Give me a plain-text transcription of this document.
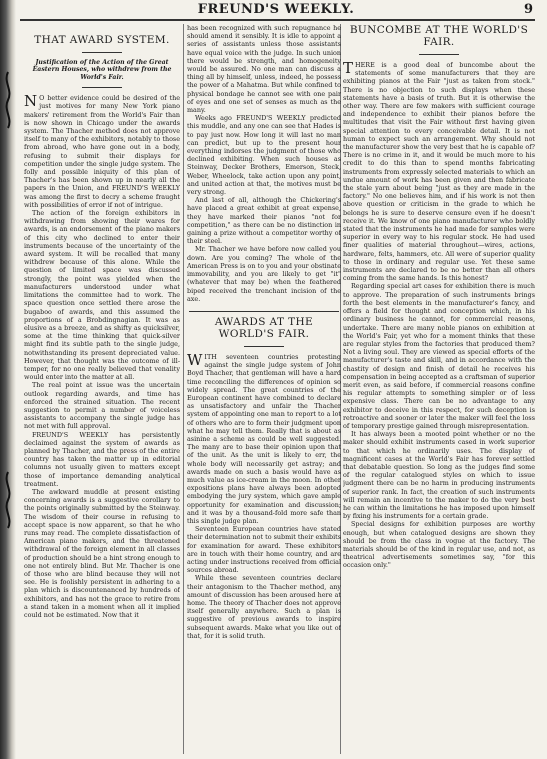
FREUND'S WEEKLY.	9
THAT AWARD SYSTEM.
Justification of the Action of the Great Eastern Houses, who withdrew from the World's Fair.

N O better evidence could be desired of the just motives for many New York piano makers' retirement from the World's Fair than is now shown in Chicago under the awards system. The Thacher method does not approve itself to many of the exhibitors, notably to those from abroad, who have gone out in a body, refusing to submit their displays for competition under the single judge system. The folly and possible iniquity of this plan of Thacher's has been shown up in nearly all the papers in the Union, and FREUND'S WEEKLY was among the first to decry a scheme fraught with possibilities of error if not of intrigue.

The action of the foreign exhibitors in withdrawing from showing their wares for awards, is an endorsement of the piano makers of this city who declined to enter their instruments because of the uncertainty of the award system. It will be recalled that many withdrew because of this alone. While the question of limited space was discussed strongly, the point was yielded when the manufacturers understood under what limitations the committee had to work. The space question once settled there arose the bugaboo of awards, and this assumed the proportions of a Brobdingnagian. It was as elusive as a breeze, and as shifty as quicksilver, some at the time thinking that quick-silver might find its subtle path to the single judge, notwithstanding its present depreciated value. However, that thought was the outcome of ill-temper, for no one really believed that venality would enter into the matter at all.

The real point at issue was the uncertain outlook regarding awards, and time has enforced the strained situation. The recent suggestion to permit a number of voiceless assistants to accompany the single judge has not met with full approval.

FREUND'S WEEKLY has persistently declaimed against the system of awards as planned by Thacher, and the press of the entire country has taken the matter up in editorial columns not usually given to matters except those of importance demanding analytical treatment.

The awkward muddle at present existing concerning awards is a suggestive corollary to the points originally submitted by the Steinway. The wisdom of their course in refusing to accept space is now apparent, so that he who runs may read. The complete dissatisfaction of American piano makers, and the threatened withdrawal of the foreign element in all classes of production should be a hint strong enough to one not entirely blind. But Mr. Thacher is one of those who are blind because they will not see. He is foolishly persistent in adhering to a plan which is discountenanced by hundreds of exhibitors, and has not the grace to retire from a stand taken in a moment when all it implied could not be estimated. Now that it

has been recognized with such repugnance he should amend it sensibly. It is idle to appoint a series of assistants unless those assistants have equal voice with the judge. In such union there would be strength, and homogeneity would be assured. No one man can discuss a thing all by himself, unless, indeed, he possess the power of a Mahatma. But while confined to physical bondage he cannot see with one pair of eyes and one set of senses as much as the many.

Weeks ago FREUND'S WEEKLY predicted this muddle, and any one can see that Hades is to pay just now. How long it will last no man can predict, but up to the present hour everything indorses the judgment of those who declined exhibiting. When such houses as Steinway, Decker Brothers, Emerson, Steck, Weber, Wheelock, take action upon any point, and united action at that, the motives must be very strong.

And last of all, although the Chickering's have placed a great exhibit at great expense, they have marked their pianos "not for competition," as there can be no distinction in gaining a prize without a competitor worthy of their steel.

Mr. Thacher we have before now called you down. Are you coming? The whole of the American Press is on to you and your obstinate immovability, and you are likely to get "it" (whatever that may be) when the feathered biped received the trenchant incision of the axe.

AWARDS AT THE WORLD'S FAIR.

WITH seventeen countries protesting against the single judge system of John Boyd Thacher, that gentleman will have a hard time reconciling the differences of opinion so widely spread. The great countries of the European continent have combined to declare as unsatisfactory and unfair the Thacher system of appointing one man to report to a lot of others who are to form their judgment upon what he may tell them. Really that is about as asinine a scheme as could be well suggested. The many are to base their opinion upon that of the unit. As the unit is likely to err, the whole body will necessarily get astray; and awards made on such a basis would have as much value as ice-cream in the moon. In other expositions plans have always been adopted embodying the jury system, which gave ample opportunity for examination and discussion; and it was by a thousand-fold more safe than this single judge plan.

Seventeen European countries have stated their determination not to submit their exhibits for examination for award. These exhibitors are in touch with their home country, and are acting under instructions received from official sources abroad.

While these seventeen countries declare their antagonism to the Thacher method, any amount of discussion has been aroused here at home. The theory of Thacher does not approve itself generally anywhere. Such a plan is suggestive of previous awards to inspire subsequent awards. Make what you like out of that, for it is solid truth.

BUNCOMBE AT THE WORLD'S FAIR.

THERE is a good deal of buncombe about the statements of some manufacturers that they are exhibiting pianos at the Fair "just as taken from stock." There is no objection to such displays when these statements have a basis of truth. But it is otherwise the other way. There are few makers with sufficient courage and independence to exhibit their pianos before the multitudes that visit the Fair without first having given special attention to every conceivable detail. It is not human to expect such an arrangement. Why should not the manufacturer show the very best that he is capable of? There is no crime in it, and it would be much more to his credit to do this than to spend months fabricating instruments from expressly selected materials to which an undue amount of work has been given and then fabricate the stale yarn about being "just as they are made in the factory." No one believes him, and if his work is not then above question or criticism in the grade to which he belongs he is sure to deserve censure even if he doesn't receive it. We know of one piano manufacturer who boldly stated that the instruments he had made for samples were superior in every way to his regular stock. He had used finer qualities of material throughout—wires, actions, hardware, felts, hammers, etc. All were of superior quality to those in ordinary and regular use. Yet these same instruments are declared to be no better than all others coming from the same hands. Is this honest?

Regarding special art cases for exhibition there is much to approve. The preparation of such instruments brings forth the best elements in the manufacturer's fancy, and offers a field for thought and conception which, in his ordinary business he cannot, for commercial reasons, undertake. There are many noble pianos on exhibition at the World's Fair, yet who for a moment thinks that these are regular styles from the factories that produced them? Not a living soul. They are viewed as special efforts of the manufacturer's taste and skill, and in accordance with the chastity of design and finish of detail he receives his compensation in being accepted as a craftsman of superior merit even, as said before, if commercial reasons confine his regular attempts to something simpler or of less expensive class. There can be no advantage to any exhibitor to deceive in this respect, for such deception is retroactive and sooner or later the maker will feel the loss of temporary prestige gained through misrepresentation.

It has always been a mooted point whether or no the maker should exhibit instruments cased in work superior to that which he ordinarily uses. The display of magnificent cases at the World's Fair has forever settled that debatable question. So long as the judges find some of the regular catalogued styles on which to issue judgment there can be no harm in producing instruments of superior rank. In fact, the creation of such instruments will remain an incentive to the maker to do the very best he can within the limitations he has imposed upon himself by fixing his instruments for a certain grade.

Special designs for exhibition purposes are worthy enough, but when catalogued designs are shown they should be from the class in vogue at the factory. The materials should be of the kind in regular use, and not, as theatrical advertisements sometimes say, "for this occasion only."
